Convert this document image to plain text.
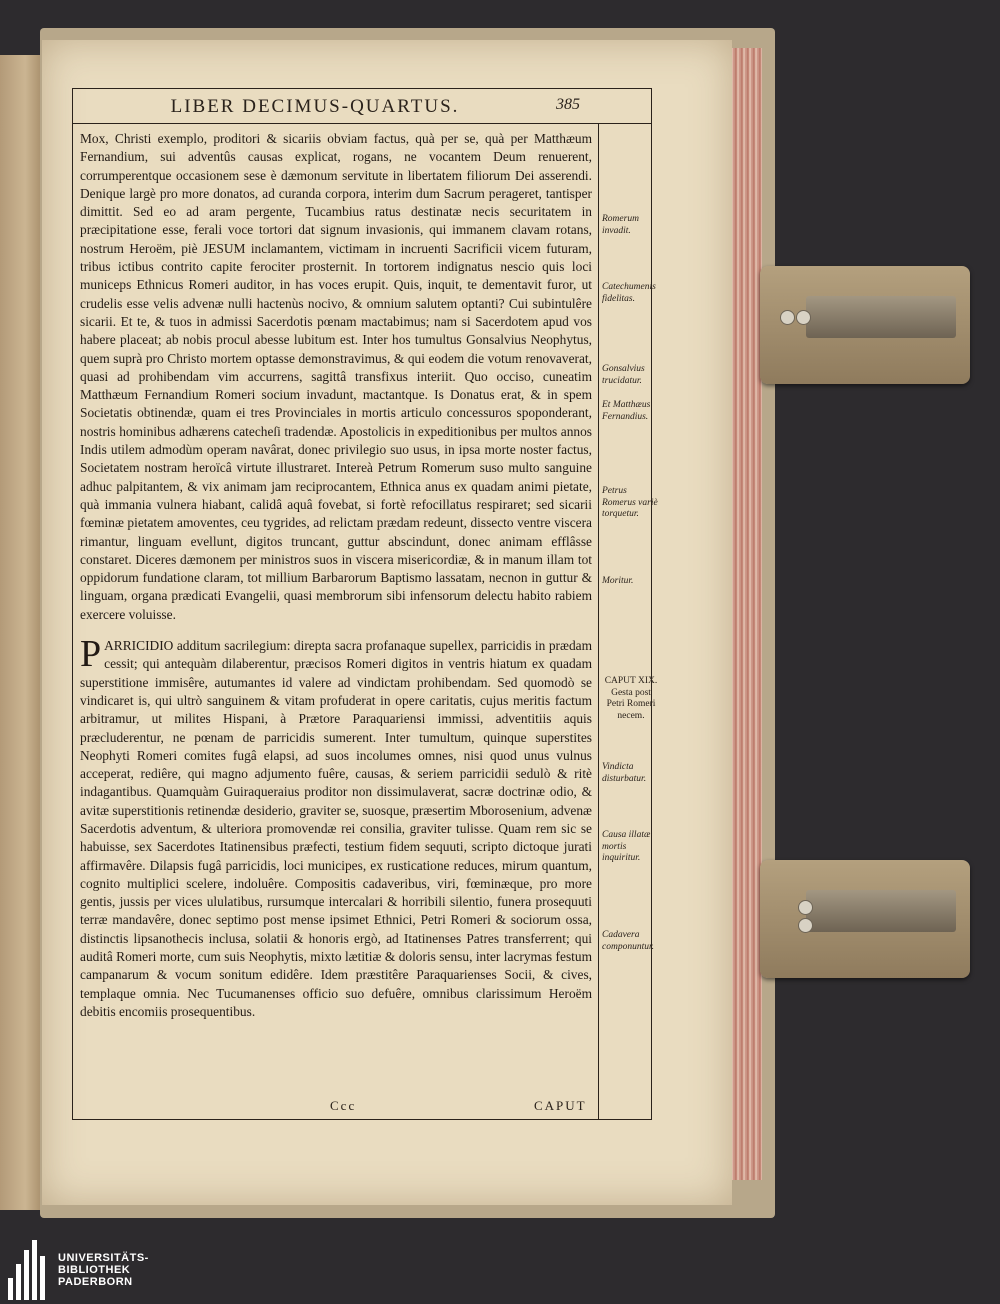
LIBER DECIMUS-QUARTUS.	385

Mox, Christi exemplo, proditori & sicariis obviam factus, quà per se, quà per Matthæum Fernandium, sui adventûs causas explicat, rogans, ne vocantem Deum renuerent, corrumperentque occasionem sese è dæmonum servitute in libertatem filiorum Dei asserendi. Denique largè pro more donatos, ad curanda corpora, interim dum Sacrum perageret, tantisper dimittit. Sed eo ad aram pergente, Tucambius ratus destinatæ necis securitatem in præcipitatione esse, ferali voce tortori dat signum invasionis, qui immanem clavam rotans, nostrum Heroëm, piè JESUM inclamantem, victimam in incruenti Sacrificii vicem futuram, tribus ictibus contrito capite ferociter prosternit. In tortorem indignatus nescio quis loci municeps Ethnicus Romeri auditor, in has voces erupit. Quis, inquit, te dementavit furor, ut crudelis esse velis advenæ nulli hactenùs nocivo, & omnium salutem optanti? Cui subintulêre sicarii. Et te, & tuos in admissi Sacerdotis pœnam mactabimus; nam si Sacerdotem apud vos habere placeat; ab nobis procul abesse lubitum est. Inter hos tumultus Gonsalvius Neophytus, quem suprà pro Christo mortem optasse demonstravimus, & qui eodem die votum renovaverat, quasi ad prohibendam vim accurrens, sagittâ transfixus interiit. Quo occiso, cuneatim Matthæum Fernandium Romeri socium invadunt, mactantque. Is Donatus erat, & in spem Societatis obtinendæ, quam ei tres Provinciales in mortis articulo concessuros spoponderant, nostris hominibus adhærens catecheſi tradendæ. Apostolicis in expeditionibus per multos annos Indis utilem admodùm operam navârat, donec privilegio suo usus, in ipsa morte noster factus, Societatem nostram heroïcâ virtute illustraret. Intereà Petrum Romerum suso multo sanguine adhuc palpitantem, & vix animam jam reciprocantem, Ethnica anus ex quadam animi pietate, quà immania vulnera hiabant, calidâ aquâ fovebat, si fortè refocillatus respiraret; sed sicarii fœminæ pietatem amoventes, ceu tygrides, ad relictam prædam redeunt, dissecto ventre viscera rimantur, linguam evellunt, digitos truncant, guttur abscindunt, donec animam efflâsse constaret. Diceres dæmonem per ministros suos in viscera misericordiæ, & in manum illam tot oppidorum fundatione claram, tot millium Barbarorum Baptismo lassatam, necnon in guttur & linguam, organa prædicati Evangelii, quasi membrorum sibi infensorum delectu habito rabiem exercere voluisse.

P ARRICIDIO additum sacrilegium: direpta sacra profanaque supellex, parricidis in prædam cessit; qui antequàm dilaberentur, præcisos Romeri digitos in ventris hiatum ex quadam superstitione immisêre, autumantes id valere ad vindictam prohibendam. Sed quomodò se vindicaret is, qui ultrò sanguinem & vitam profuderat in opere caritatis, cujus meritis factum arbitramur, ut milites Hispani, à Prætore Paraquariensi immissi, adventitiis aquis præcluderentur, ne pœnam de parricidis sumerent. Inter tumultum, quinque superstites Neophyti Romeri comites fugâ elapsi, ad suos incolumes omnes, nisi quod unus vulnus acceperat, rediêre, qui magno adjumento fuêre, causas, & seriem parricidii sedulò & ritè indagantibus. Quamquàm Guiraqueraius proditor non dissimulaverat, sacræ doctrinæ odio, & avitæ superstitionis retinendæ desiderio, graviter se, suosque, præsertim Mborosenium, advenæ Sacerdotis adventum, & ulteriora promovendæ rei consilia, graviter tulisse. Quam rem sic se habuisse, sex Sacerdotes Itatinensibus præfecti, testium fidem sequuti, scripto dictoque jurati affirmavêre. Dilapsis fugâ parricidis, loci municipes, ex rusticatione reduces, mirum quantum, cognito multiplici scelere, indoluêre. Compositis cadaveribus, viri, fœminæque, pro more gentis, jussis per vices ululatibus, rursumque intercalari & horribili silentio, funera prosequuti terræ mandavêre, donec septimo post mense ipsimet Ethnici, Petri Romeri & sociorum ossa, distinctis lipsanothecis inclusa, solatii & honoris ergò, ad Itatinenses Patres transferrent; qui auditâ Romeri morte, cum suis Neophytis, mixto lætitiæ & doloris sensu, inter lacrymas festum campanarum & vocum sonitum edidêre. Idem præstitêre Paraquarienses Socii, & cives, templaque omnia. Nec Tucumanenses officio suo defuêre, omnibus clarissimum Heroëm debitis encomiis prosequentibus.

Romerum invadit.
Catechumenis fidelitas.
Gonsalvius trucidatur.
Et Matthæus Fernandius.
Petrus Romerus variè torquetur.
Moritur.
CAPUT XIX. Gesta post Petri Romeri necem.
Vindicta disturbatur.
Causa illatæ mortis inquiritur.
Cadavera componuntur.
Ccc	CAPUT
UNIVERSITÄTS-
BIBLIOTHEK
PADERBORN
